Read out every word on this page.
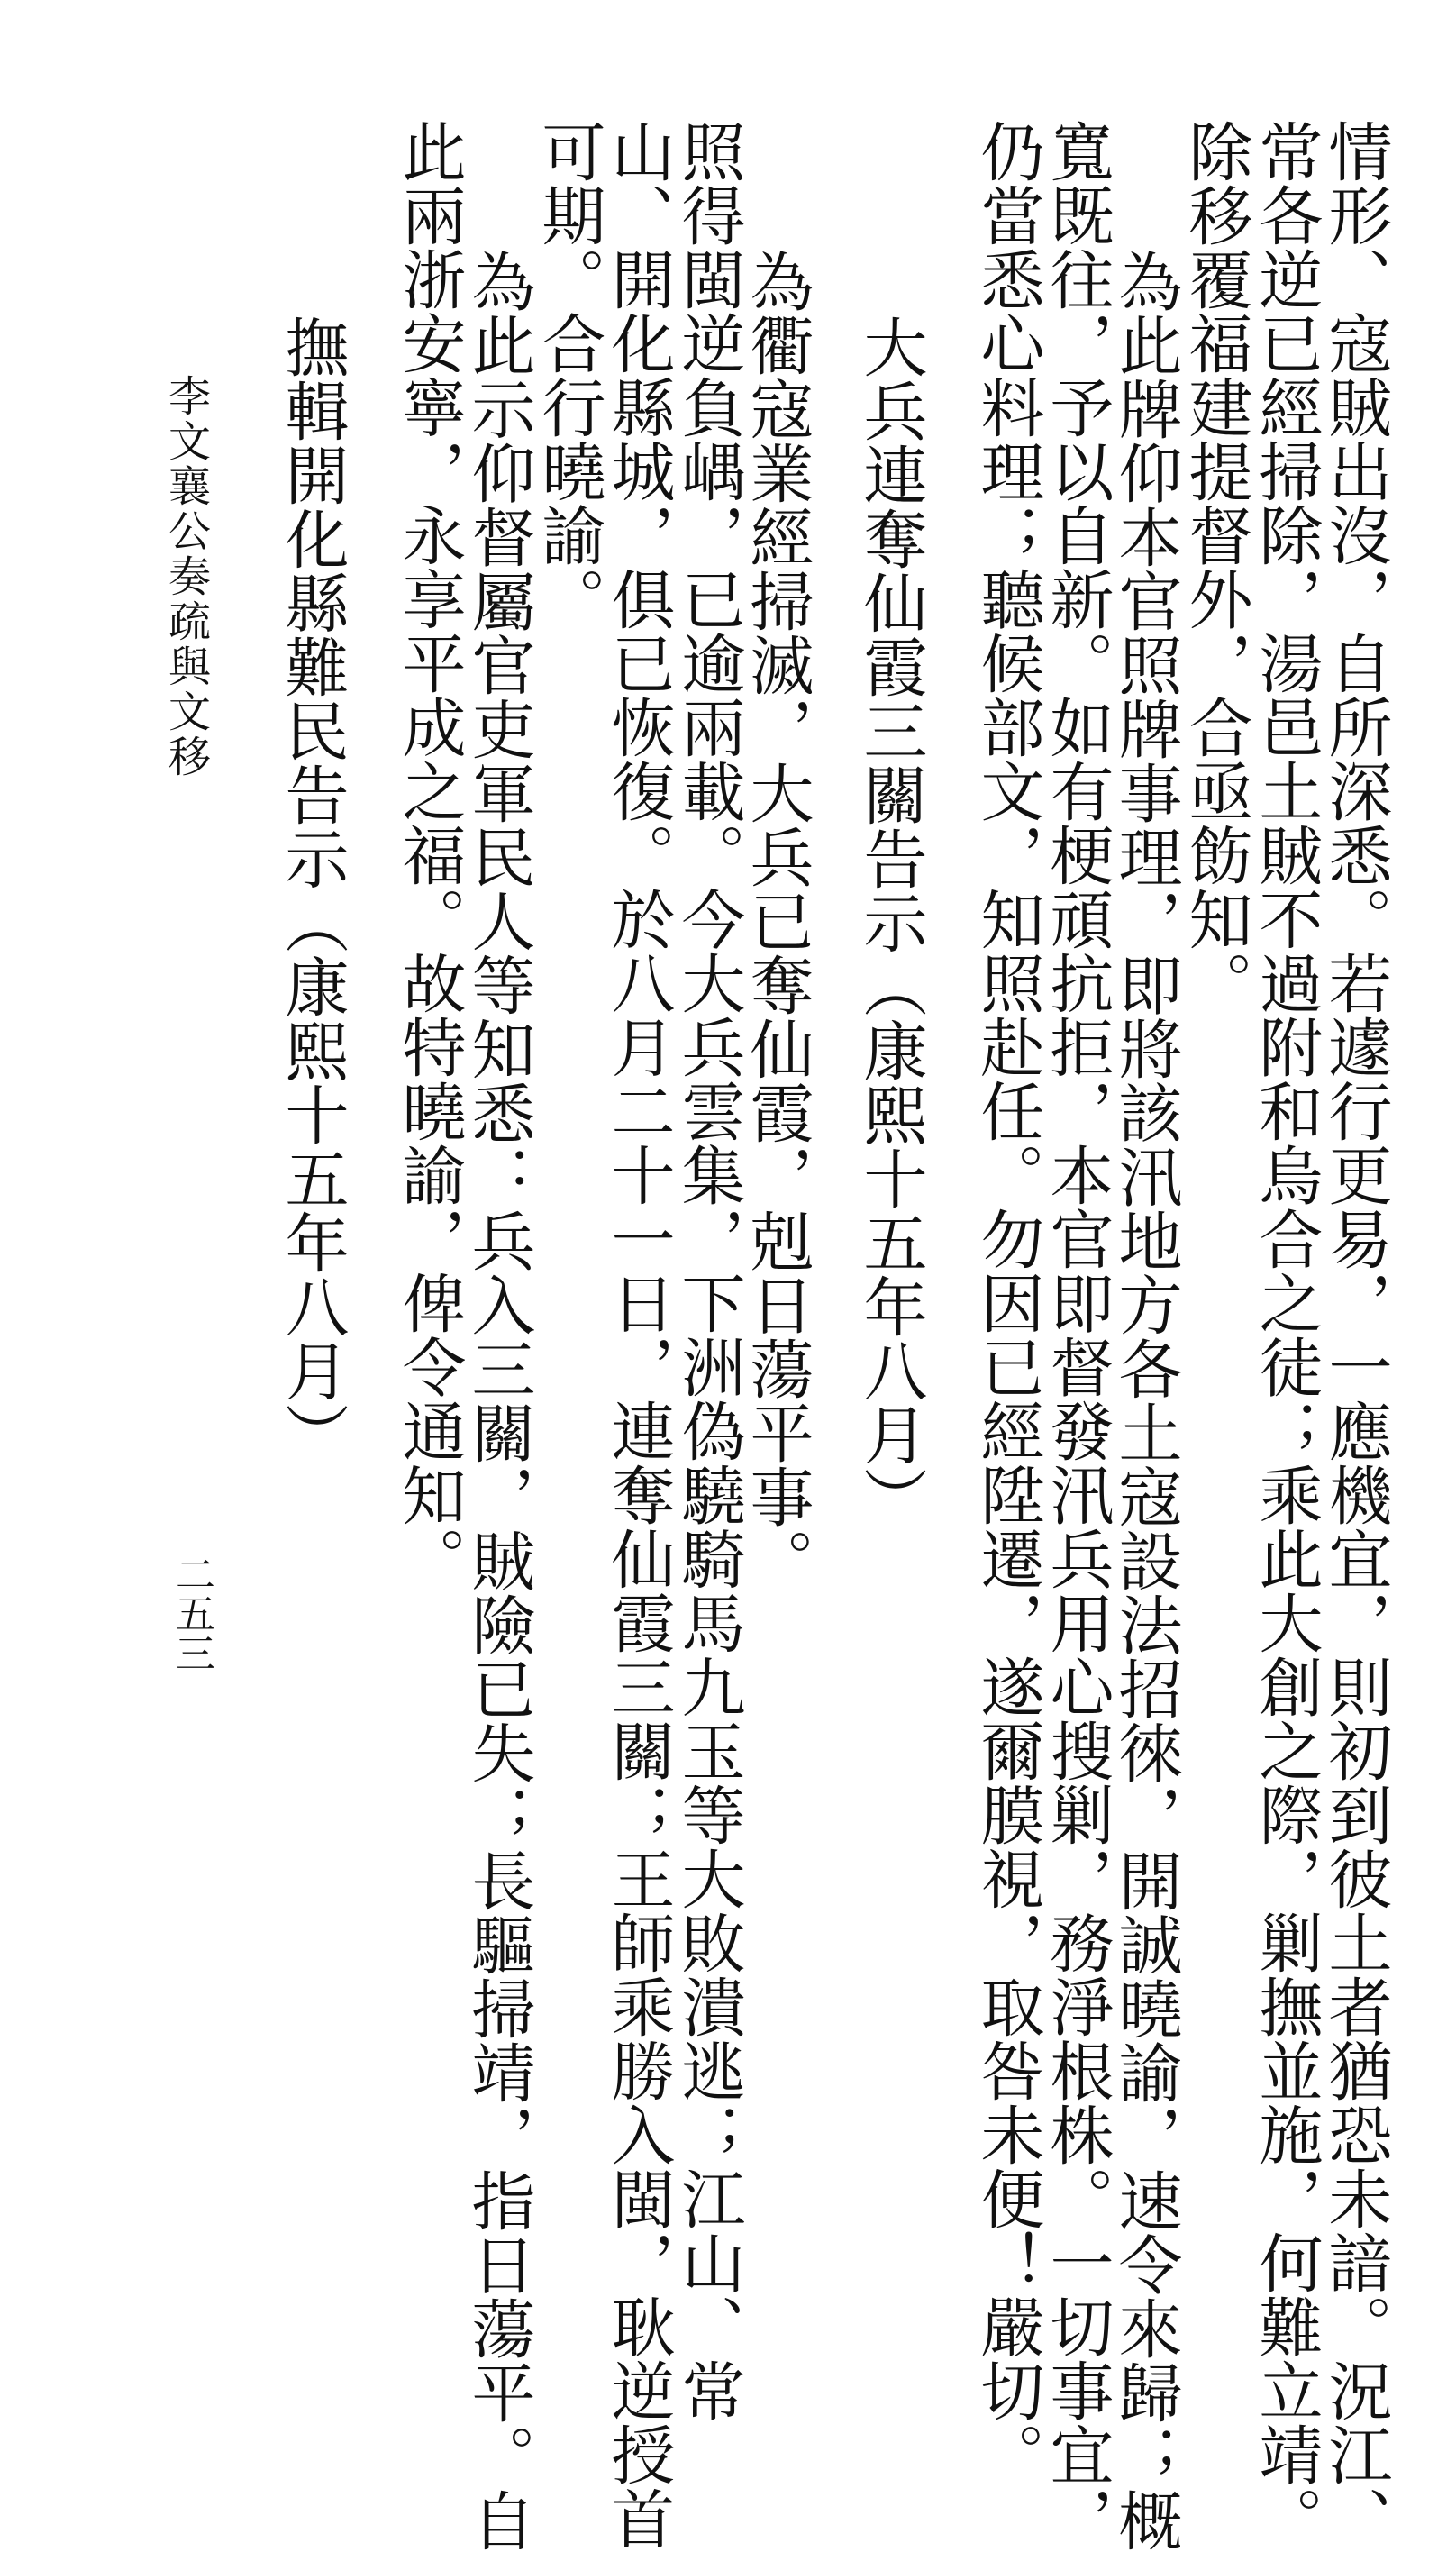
情形、寇賊出沒，自所深悉。若遽行更易，一應機宜，則初到彼土者猶恐未諳。況江、
常各逆已經掃除，湯邑土賊不過附和烏合之徒；乘此大創之際，剿撫並施，何難立靖。
除移覆福建提督外，合亟飭知。
為此牌仰本官照牌事理，即將該汛地方各土寇設法招徠，開誠曉諭，速令來歸；概
寬既往，予以自新。如有梗頑抗拒，本官即督發汛兵用心搜剿，務淨根株。一切事宜，
仍當悉心料理；聽候部文，知照赴任。勿因已經陞遷，遂爾膜視，取咎未便！嚴切。
大兵連奪仙霞三關告示（康熙十五年八月）
為衢寇業經掃滅，大兵已奪仙霞，剋日蕩平事。
照得閩逆負嵎，已逾兩載。今大兵雲集，下洲偽驍騎馬九玉等大敗潰逃；江山、常
山、開化縣城，俱已恢復。於八月二十一日，連奪仙霞三關；王師乘勝入閩，耿逆授首
可期。合行曉諭。
為此示仰督屬官吏軍民人等知悉：兵入三關，賊險已失；長驅掃靖，指日蕩平。自
此兩浙安寧，永享平成之福。故特曉諭，俾令通知。
撫輯開化縣難民告示（康熙十五年八月）
李文襄公奏疏與文移
二五三
